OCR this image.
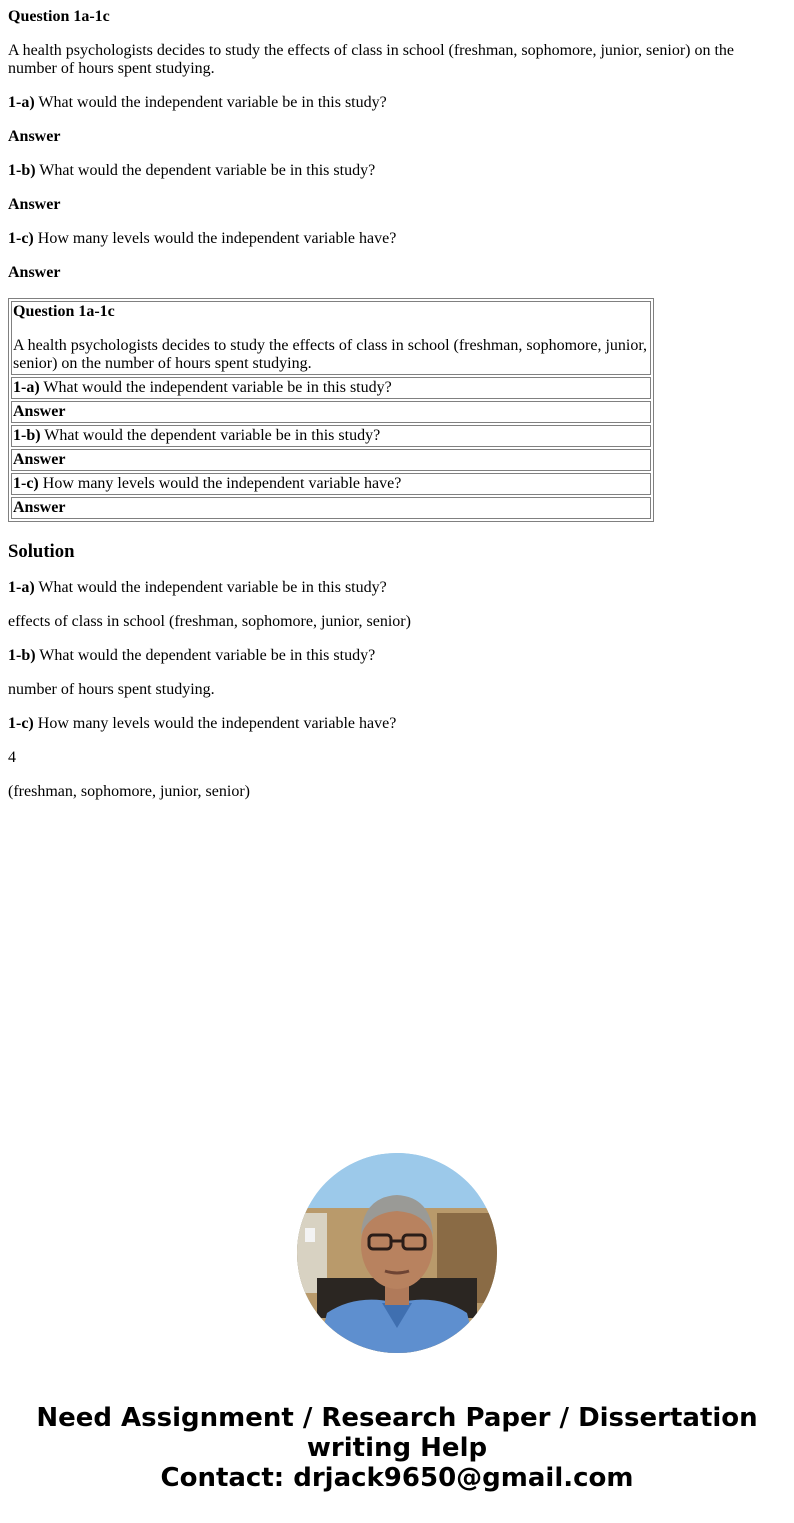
Question 1a-1c

A health psychologists decides to study the effects of class in school (freshman, sophomore, junior, senior) on the number of hours spent studying.

1-a) What would the independent variable be in this study?

Answer

1-b) What would the dependent variable be in this study?

Answer

1-c) How many levels would the independent variable have?

Answer

Question 1a-1c

A health psychologists decides to study the effects of class in school (freshman, sophomore, junior, senior) on the number of hours spent studying.

1-a) What would the independent variable be in this study?
Answer
1-b) What would the dependent variable be in this study?
Answer
1-c) How many levels would the independent variable have?
Answer
Solution

1-a) What would the independent variable be in this study?

effects of class in school (freshman, sophomore, junior, senior)

1-b) What would the dependent variable be in this study?

number of hours spent studying.

1-c) How many levels would the independent variable have?

4

(freshman, sophomore, junior, senior)

Need Assignment / Research Paper / Dissertation
writing Help
Contact: drjack9650@gmail.com
